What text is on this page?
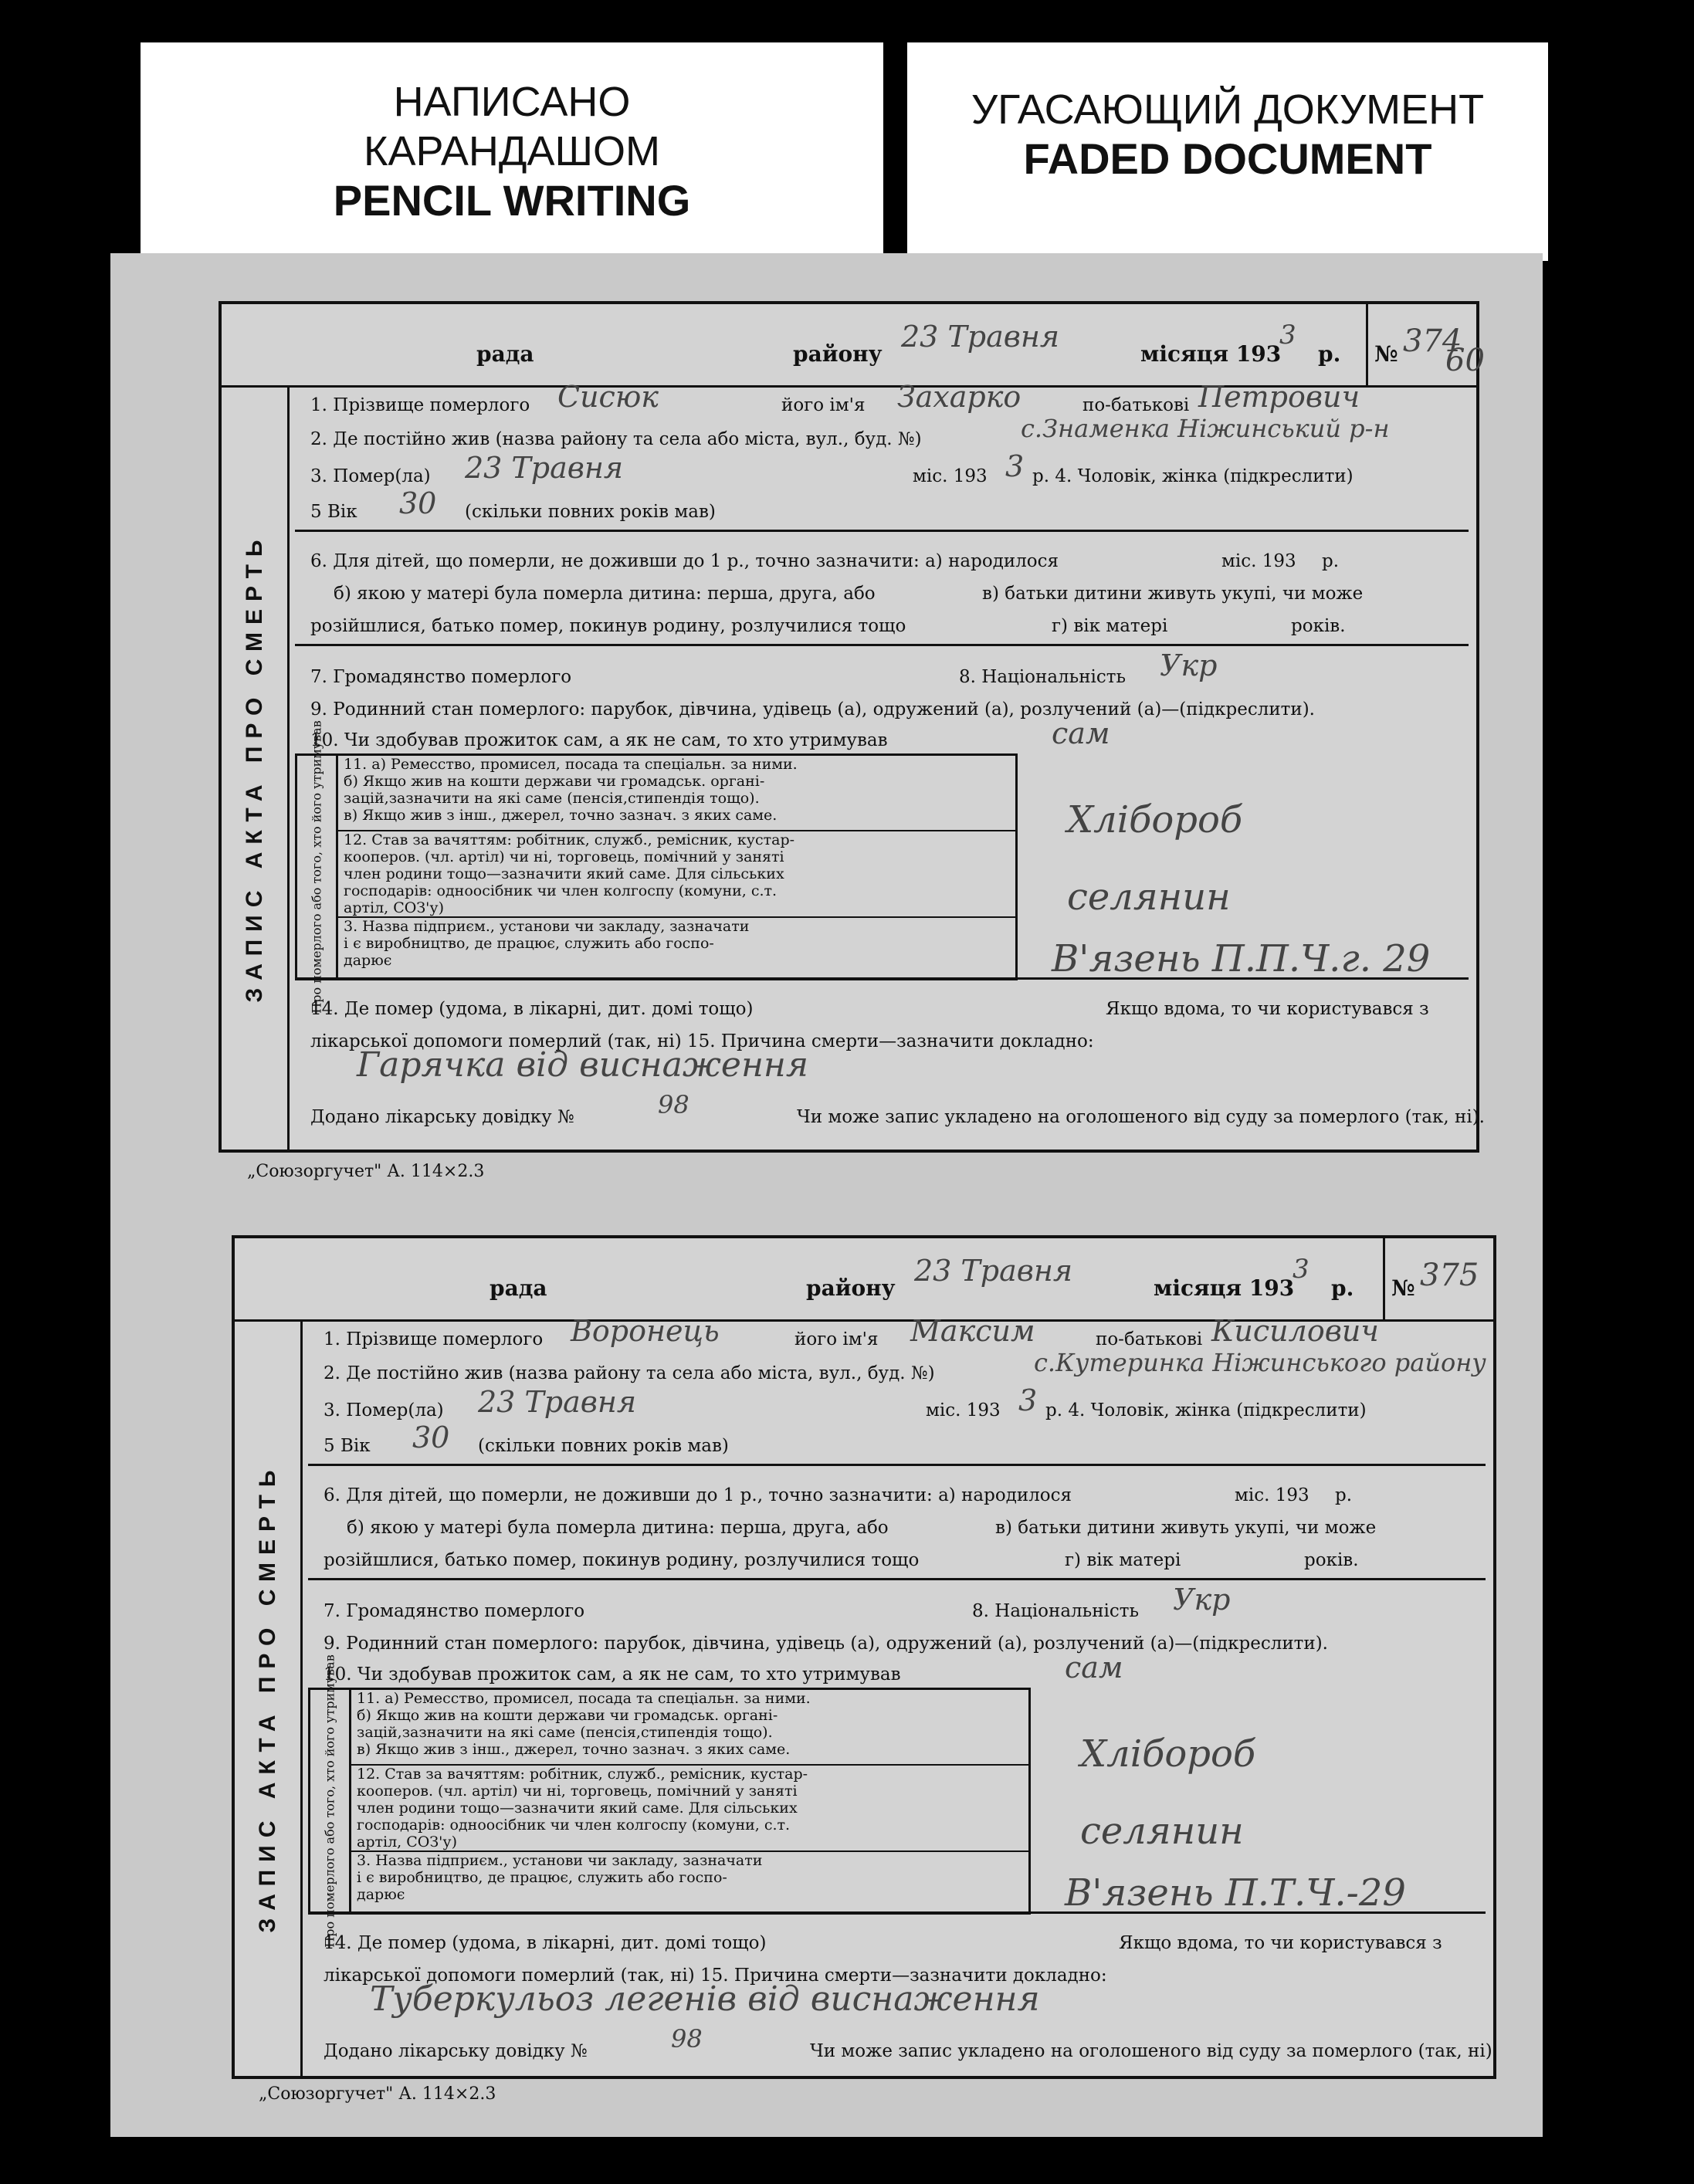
НАПИСАНО
КАРАНДАШОМ
PENCIL WRITING
УГАСАЮЩИЙ ДОКУМЕНТ
FADED DOCUMENT
рада	району
23 Травня
місяця 193
3
р. № 374
60
ЗАПИС АКТА ПРО СМЕРТЬ
1. Прізвище померлого Сисюк	його ім'я Захарко	по-батькові Петрович
2. Де постійно жив (назва району та села або міста, вул., буд. №)	с.Знаменка Ніжинський р-н
3. Помер(ла) 23 Травня	міс. 193 3 р. 4. Чоловік, жінка (підкреслити)
5 Вік 30 (скільки повних років мав)
6. Для дітей, що померли, не доживши до 1 р., точно зазначити: а) народилося	міс. 193 р.
б) якою у матері була померла дитина: перша, друга, або	в) батьки дитини живуть укупі, чи може
розійшлися, батько помер, покинув родину, розлучилися тощо	г) вік матері	років.
7. Громадянство померлого	8. Національність Укр
9. Родинний стан померлого: парубок, дівчина, удівець (а), одружений (а), розлучений (а)—(підкреслити).
10. Чи здобував прожиток сам, а як не сам, то хто утримував	сам
Про померлого або того, хто його утримував 11. а) Ремесство, промисел, посада та спеціальн. за ними.
б) Якщо жив на кошти держави чи громадськ. органі-
зацій,зазначити на які саме (пенсія,стипендія тощо).
в) Якщо жив з інш., джерел, точно зазнач. з яких саме.
12. Став за вачяттям: робітник, служб., ремісник, кустар-
кооперов. (чл. артіл) чи ні, торговець, помічний у заняті
член родини тощо—зазначити який саме. Для сільських
господарів: одноосібник чи член колгоспу (комуни, с.т.
артіл, СОЗ'у)
3. Назва підприєм., установи чи закладу, зазначати
і є виробництво, де працює, служить або госпо-
дарює
Хлібороб
селянин
В'язень П.П.Ч.г. 29
14. Де помер (удома, в лікарні, дит. домі тощо)	Якщо вдома, то чи користувався з
лікарської допомоги померлий (так, ні) 15. Причина смерти—зазначити докладно:
Гарячка від виснаження
Додано лікарську довідку №	98	Чи може запис укладено на оголошеного від суду за померлого (так, ні).
„Союзоргучет" А. 114×2.3
рада	району
23 Травня
місяця 193
3
р. № 375
ЗАПИС АКТА ПРО СМЕРТЬ
1. Прізвище померлого Воронець	його ім'я Максим	по-батькові Кисилович
2. Де постійно жив (назва району та села або міста, вул., буд. №)	с.Кутеринка Ніжинського району
3. Помер(ла) 23 Травня	міс. 193 3 р. 4. Чоловік, жінка (підкреслити)
5 Вік 30 (скільки повних років мав)
6. Для дітей, що померли, не доживши до 1 р., точно зазначити: а) народилося	міс. 193 р.
б) якою у матері була померла дитина: перша, друга, або	в) батьки дитини живуть укупі, чи може
розійшлися, батько помер, покинув родину, розлучилися тощо	г) вік матері	років.
7. Громадянство померлого	8. Національність Укр
9. Родинний стан померлого: парубок, дівчина, удівець (а), одружений (а), розлучений (а)—(підкреслити).
10. Чи здобував прожиток сам, а як не сам, то хто утримував	сам
Про померлого або того, хто його утримував 11. а) Ремесство, промисел, посада та спеціальн. за ними.
б) Якщо жив на кошти держави чи громадськ. органі-
зацій,зазначити на які саме (пенсія,стипендія тощо).
в) Якщо жив з інш., джерел, точно зазнач. з яких саме.
12. Став за вачяттям: робітник, служб., ремісник, кустар-
кооперов. (чл. артіл) чи ні, торговець, помічний у заняті
член родини тощо—зазначити який саме. Для сільських
господарів: одноосібник чи член колгоспу (комуни, с.т.
артіл, СОЗ'у)
3. Назва підприєм., установи чи закладу, зазначати
і є виробництво, де працює, служить або госпо-
дарює
Хлібороб
селянин
В'язень П.Т.Ч.-29
14. Де помер (удома, в лікарні, дит. домі тощо)	Якщо вдома, то чи користувався з
лікарської допомоги померлий (так, ні) 15. Причина смерти—зазначити докладно:
Туберкульоз легенів від виснаження
Додано лікарську довідку №	98	Чи може запис укладено на оголошеного від суду за померлого (так, ні).
„Союзоргучет" А. 114×2.3
